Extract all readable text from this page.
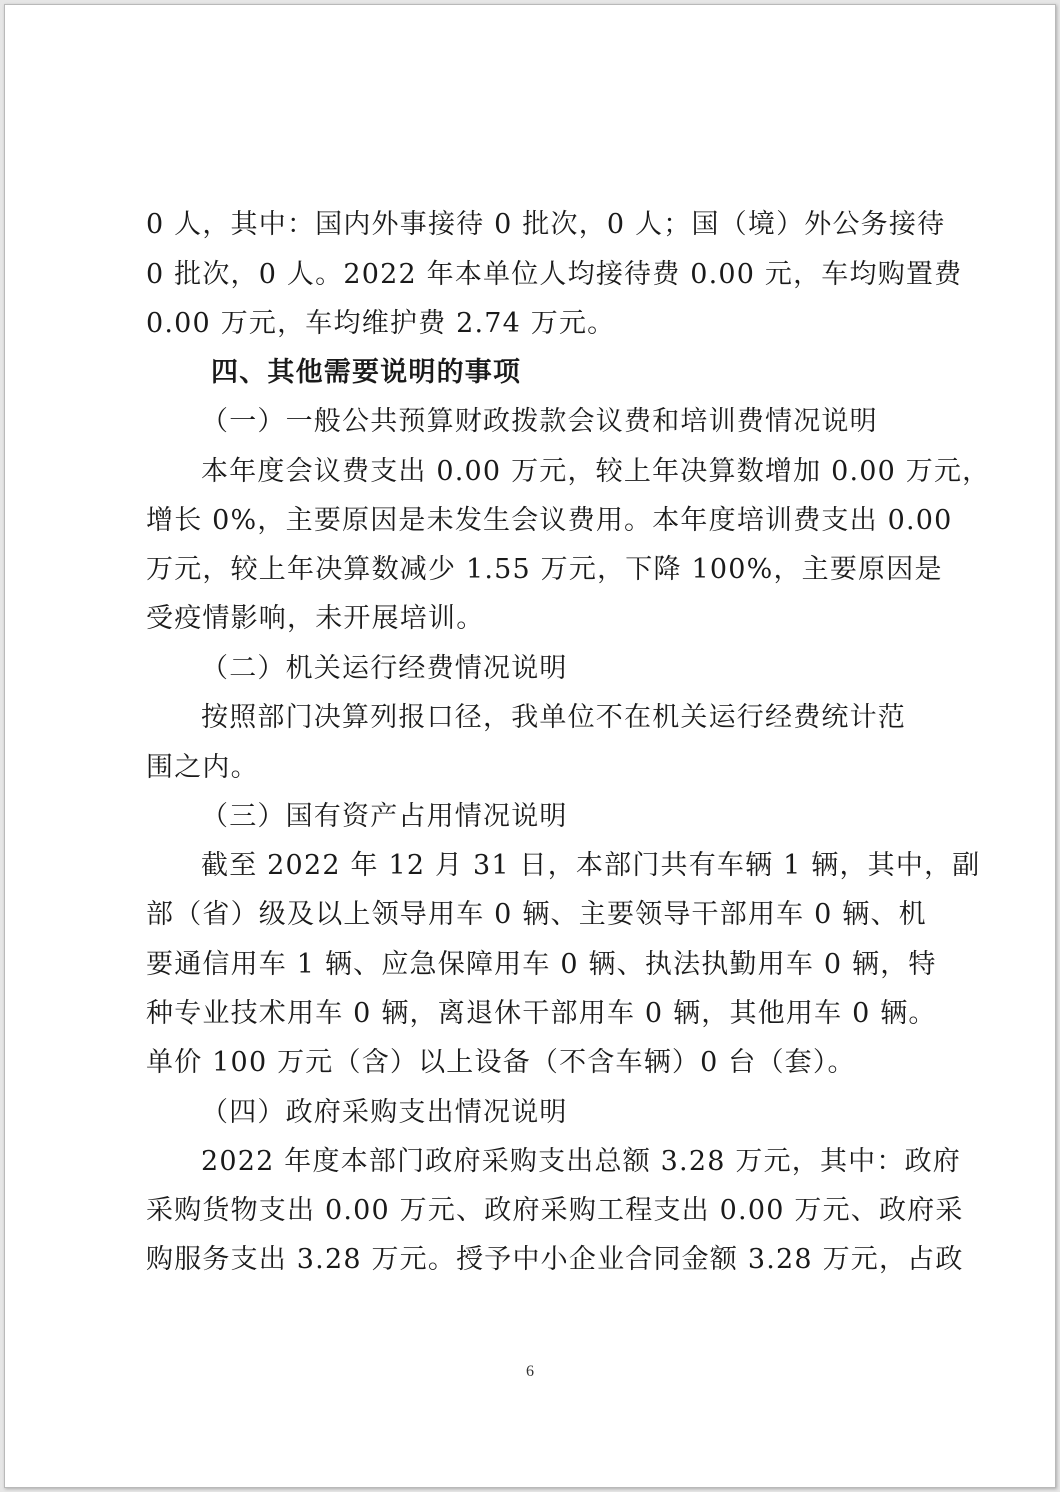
0 人，其中：国内外事接待 0 批次，0 人；国（境）外公务接待
0 批次，0 人。2022 年本单位人均接待费 0.00 元，车均购置费
0.00 万元，车均维护费 2.74 万元。
四、其他需要说明的事项
（一）一般公共预算财政拨款会议费和培训费情况说明
本年度会议费支出 0.00 万元，较上年决算数增加 0.00 万元，
增长 0%，主要原因是未发生会议费用。本年度培训费支出 0.00
万元，较上年决算数减少 1.55 万元，下降 100%，主要原因是
受疫情影响，未开展培训。
（二）机关运行经费情况说明
按照部门决算列报口径，我单位不在机关运行经费统计范
围之内。
（三）国有资产占用情况说明
截至 2022 年 12 月 31 日，本部门共有车辆 1 辆，其中，副
部（省）级及以上领导用车 0 辆、主要领导干部用车 0 辆、机
要通信用车 1 辆、应急保障用车 0 辆、执法执勤用车 0 辆，特
种专业技术用车 0 辆，离退休干部用车 0 辆，其他用车 0 辆。
单价 100 万元（含）以上设备（不含车辆）0 台（套）。
（四）政府采购支出情况说明
2022 年度本部门政府采购支出总额 3.28 万元，其中：政府
采购货物支出 0.00 万元、政府采购工程支出 0.00 万元、政府采
购服务支出 3.28 万元。授予中小企业合同金额 3.28 万元，占政
6
